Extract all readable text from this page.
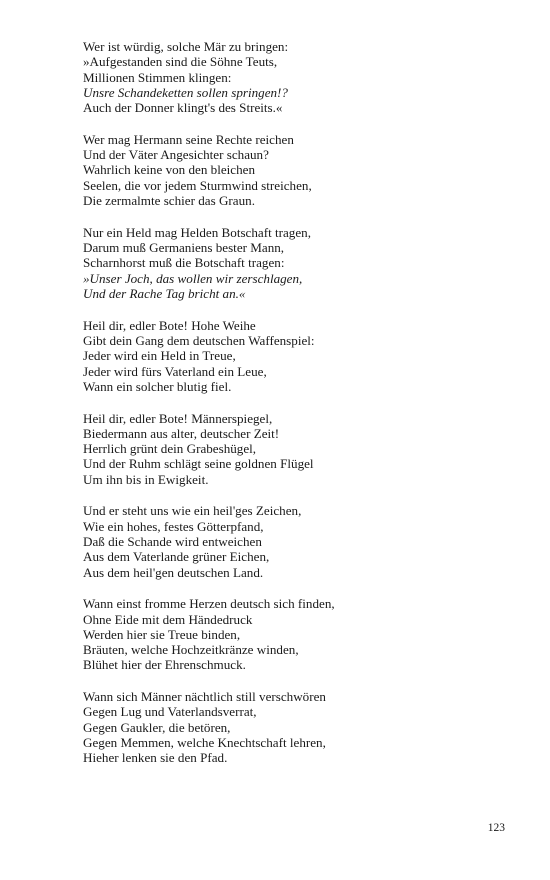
Wer ist würdig, solche Mär zu bringen:
»Aufgestanden sind die Söhne Teuts,
Millionen Stimmen klingen:
Unsre Schandeketten sollen springen!?
Auch der Donner klingt's des Streits.«
Wer mag Hermann seine Rechte reichen
Und der Väter Angesichter schaun?
Wahrlich keine von den bleichen
Seelen, die vor jedem Sturmwind streichen,
Die zermalmte schier das Graun.
Nur ein Held mag Helden Botschaft tragen,
Darum muß Germaniens bester Mann,
Scharnhorst muß die Botschaft tragen:
»Unser Joch, das wollen wir zerschlagen,
Und der Rache Tag bricht an.«
Heil dir, edler Bote! Hohe Weihe
Gibt dein Gang dem deutschen Waffenspiel:
Jeder wird ein Held in Treue,
Jeder wird fürs Vaterland ein Leue,
Wann ein solcher blutig fiel.
Heil dir, edler Bote! Männerspiegel,
Biedermann aus alter, deutscher Zeit!
Herrlich grünt dein Grabeshügel,
Und der Ruhm schlägt seine goldnen Flügel
Um ihn bis in Ewigkeit.
Und er steht uns wie ein heil'ges Zeichen,
Wie ein hohes, festes Götterpfand,
Daß die Schande wird entweichen
Aus dem Vaterlande grüner Eichen,
Aus dem heil'gen deutschen Land.
Wann einst fromme Herzen deutsch sich finden,
Ohne Eide mit dem Händedruck
Werden hier sie Treue binden,
Bräuten, welche Hochzeitkränze winden,
Blühet hier der Ehrenschmuck.
Wann sich Männer nächtlich still verschwören
Gegen Lug und Vaterlandsverrat,
Gegen Gaukler, die betören,
Gegen Memmen, welche Knechtschaft lehren,
Hieher lenken sie den Pfad.
123
